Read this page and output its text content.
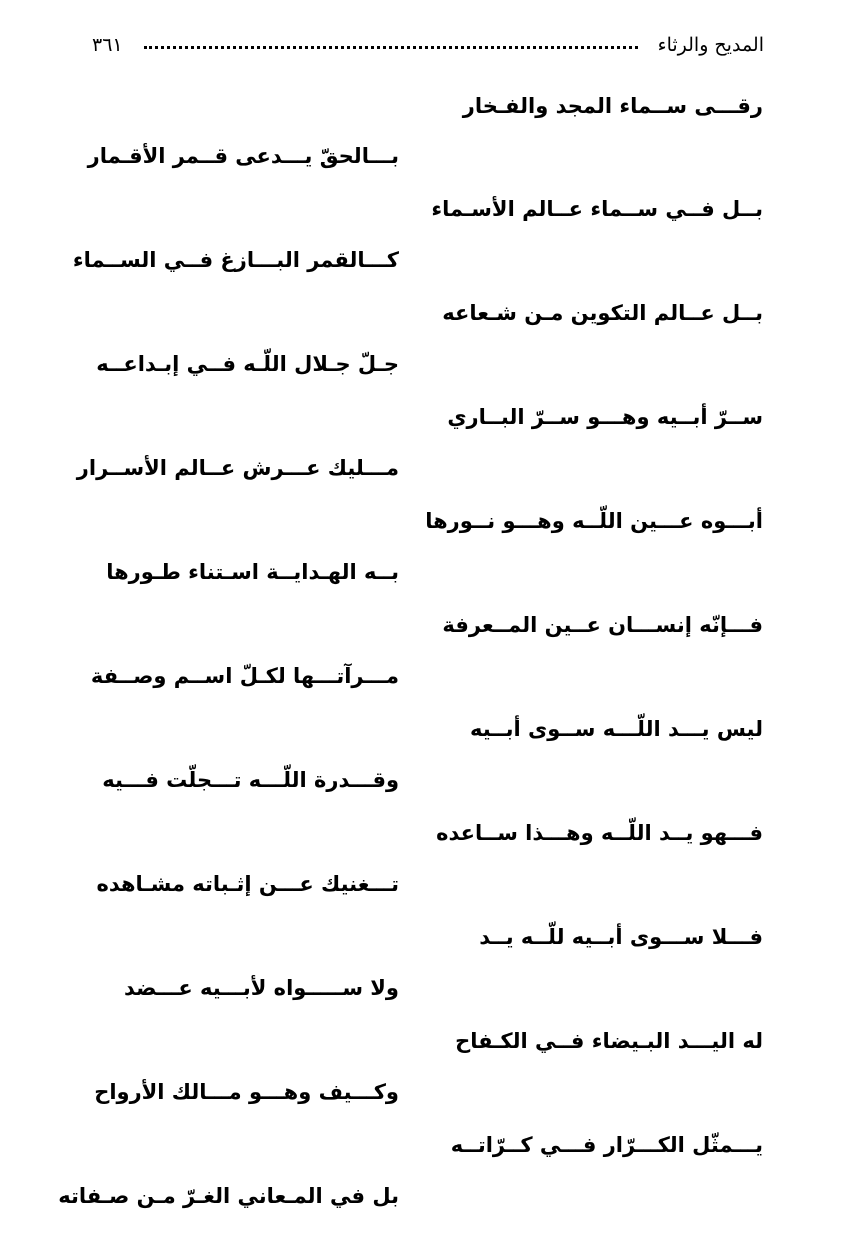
المديح والرثاء
٣٦١
رقـــى ســماء المجد والفـخار
بـــالحقّ يـــدعى قــمر الأقـمار
بــل فــي ســماء عــالم الأسـماء
كـــالقمر البـــازغ فــي الســماء
بــل عــالم التكوين مـن شـعاعه
جـلّ جـلال اللّـه فــي إبـداعــه
ســرّ أبــيه وهـــو ســرّ البــاري
مـــليك عـــرش عــالم الأســرار
أبـــوه عـــين اللّــه وهـــو نــورها
بــه الهـدايــة اسـتناء طـورها
فـــإنّه إنســـان عــين المــعرفة
مـــرآتـــها لكـلّ اســم وصــفة
ليس يـــد اللّـــه ســوى أبــيه
وقـــدرة اللّـــه تـــجلّت فـــيه
فـــهو يــد اللّــه وهـــذا ســاعده
تـــغنيك عـــن إثـباته مشـاهده
فـــلا ســـوى أبــيه للّــه يــد
ولا ســـــواه لأبـــيه عـــضد
له اليـــد البـيضاء فــي الكـفاح
وكـــيف وهـــو مـــالك الأرواح
يـــمثّل الكـــرّار فـــي كــرّاتــه
بل في المـعاني الغـرّ مـن صـفاته
